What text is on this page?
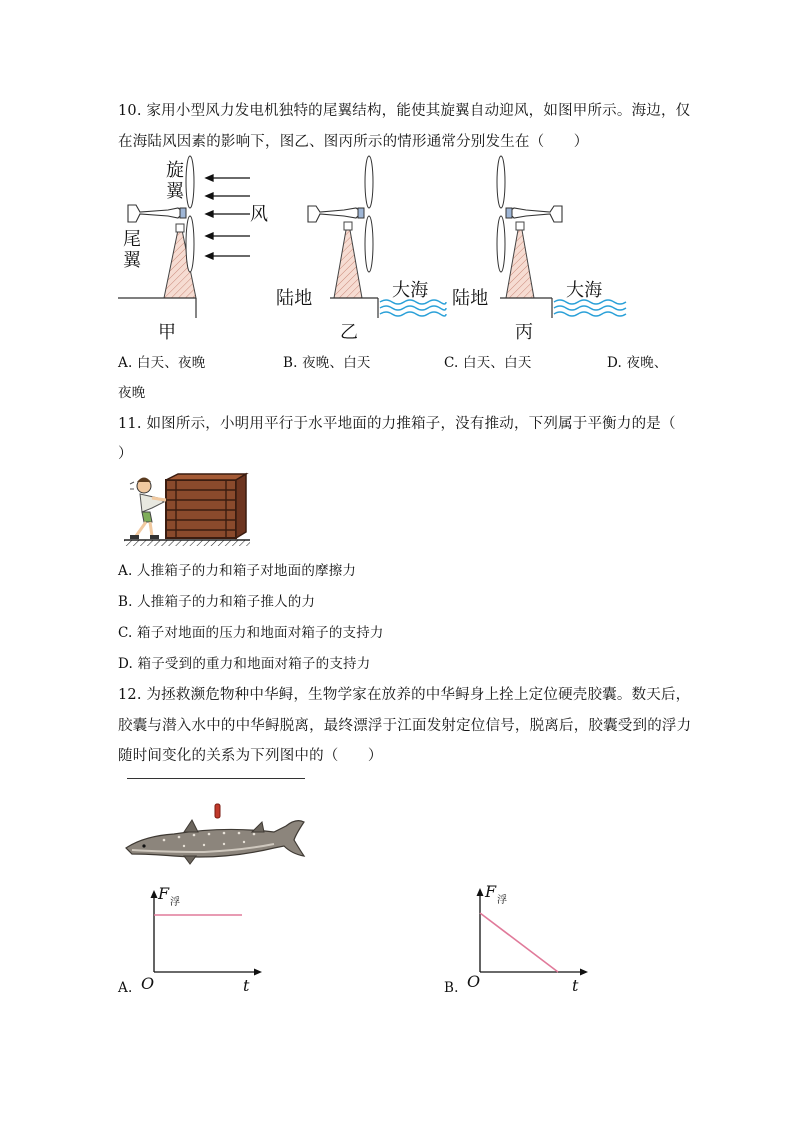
10. 家用小型风力发电机独特的尾翼结构，能使其旋翼自动迎风，如图甲所示。海边，仅
在海陆风因素的影响下，图乙、图丙所示的情形通常分别发生在（　　）
旋
翼
尾
翼
风
甲
陆地	大海
乙
陆地	大海
丙
A. 白天、夜晚	B. 夜晚、白天	C. 白天、白天	D. 夜晚、
夜晚
11. 如图所示，小明用平行于水平地面的力推箱子，没有推动，下列属于平衡力的是（
）
A. 人推箱子的力和箱子对地面的摩擦力
B. 人推箱子的力和箱子推人的力
C. 箱子对地面的压力和地面对箱子的支持力
D. 箱子受到的重力和地面对箱子的支持力
12. 为拯救濒危物种中华鲟，生物学家在放养的中华鲟身上拴上定位硬壳胶囊。数天后，
胶囊与潜入水中的中华鲟脱离，最终漂浮于江面发射定位信号，脱离后，胶囊受到的浮力
随时间变化的关系为下列图中的（　　）
F 浮
O	t
A.
F 浮
O	t
B.
